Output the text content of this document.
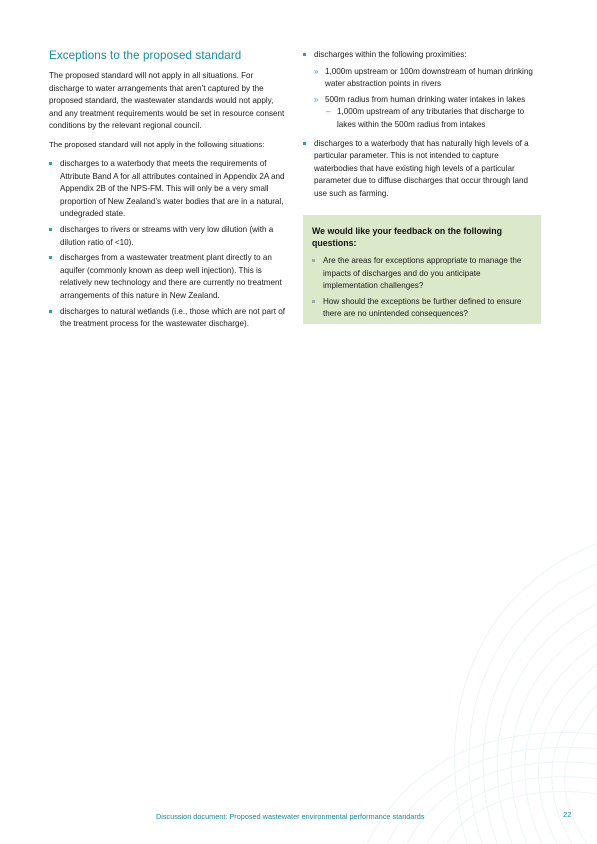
Exceptions to the proposed standard

The proposed standard will not apply in all situations. For discharge to water arrangements that aren’t captured by the proposed standard, the wastewater standards would not apply, and any treatment requirements would be set in resource consent conditions by the relevant regional council.

The proposed standard will not apply in the following situations:

discharges to a waterbody that meets the requirements of Attribute Band A for all attributes contained in Appendix 2A and Appendix 2B of the NPS-FM. This will only be a very small proportion of New Zealand’s water bodies that are in a natural, undegraded state.
discharges to rivers or streams with very low dilution (with a dilution ratio of <10).
discharges from a wastewater treatment plant directly to an aquifer (commonly known as deep well injection). This is relatively new technology and there are currently no treatment arrangements of this nature in New Zealand.
discharges to natural wetlands (i.e., those which are not part of the treatment process for the wastewater discharge).
discharges within the following proximities:
» 1,000m upstream or 100m downstream of human drinking water abstraction points in rivers
» 500m radius from human drinking water intakes in lakes
– 1,000m upstream of any tributaries that discharge to lakes within the 500m radius from intakes
discharges to a waterbody that has naturally high levels of a particular parameter. This is not intended to capture waterbodies that have existing high levels of a particular parameter due to diffuse discharges that occur through land use such as farming.
We would like your feedback on the following questions:
Are the areas for exceptions appropriate to manage the impacts of discharges and do you anticipate implementation challenges?
How should the exceptions be further defined to ensure there are no unintended consequences?
Discussion document: Proposed wastewater environmental performance standards	22
